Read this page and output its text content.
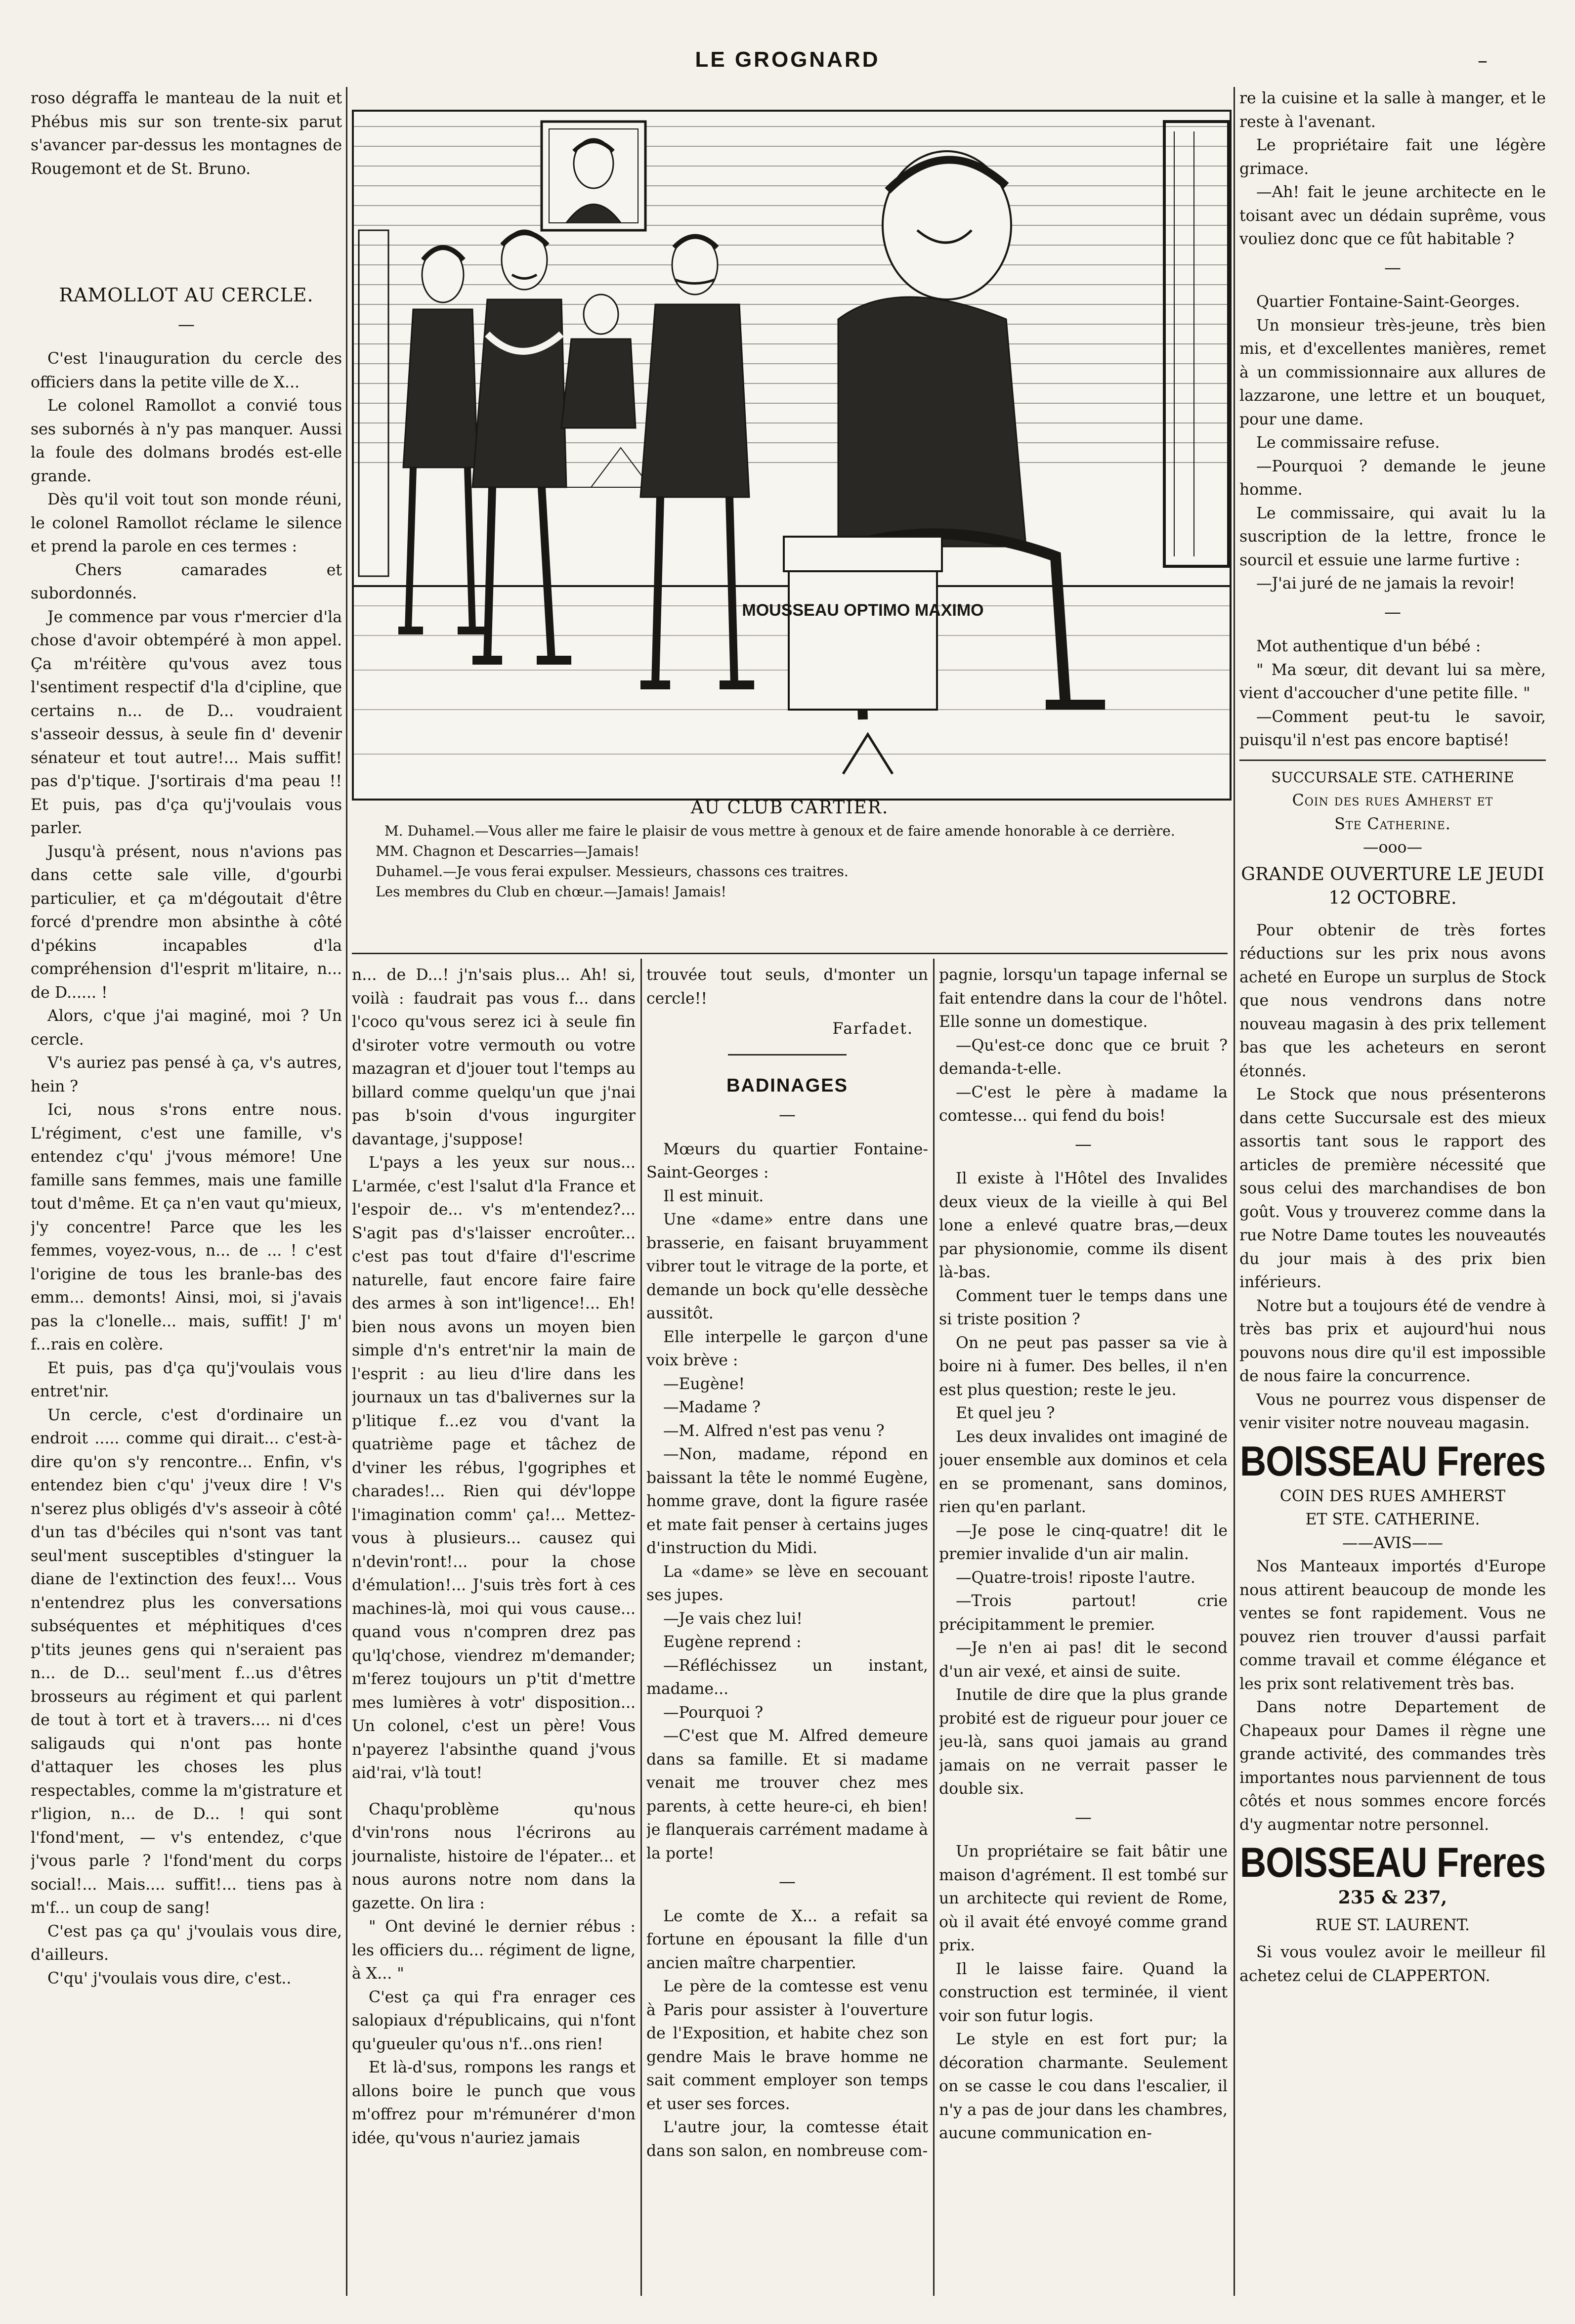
LE GROGNARD	–

roso dégraffa le manteau de la nuit et Phébus mis sur son trente-six parut s'avancer par-dessus les montagnes de Rougemont et de St. Bruno.

RAMOLLOT AU CERCLE.
—

C'est l'inauguration du cercle des officiers dans la petite ville de X...

Le colonel Ramollot a convié tous ses subornés à n'y pas manquer. Aussi la foule des dolmans brodés est-elle grande.

Dès qu'il voit tout son monde réuni, le colonel Ramollot réclame le silence et prend la parole en ces termes :

Chers camarades et subordonnés.

Je commence par vous r'mercier d'la chose d'avoir obtempéré à mon appel. Ça m'réitère qu'vous avez tous l'sentiment respectif d'la d'cipline, que certains n... de D... voudraient s'asseoir dessus, à seule fin d' devenir sénateur et tout autre!... Mais suffit! pas d'p'tique. J'sortirais d'ma peau !! Et puis, pas d'ça qu'j'voulais vous parler.

Jusqu'à présent, nous n'avions pas dans cette sale ville, d'gourbi particulier, et ça m'dégoutait d'être forcé d'prendre mon absinthe à côté d'pékins incapables d'la compréhension d'l'esprit m'litaire, n... de D...... !

Alors, c'que j'ai maginé, moi ? Un cercle.

V's auriez pas pensé à ça, v's autres, hein ?

Ici, nous s'rons entre nous. L'régiment, c'est une famille, v's entendez c'qu' j'vous mémore! Une famille sans femmes, mais une famille tout d'même. Et ça n'en vaut qu'mieux, j'y concentre! Parce que les les femmes, voyez-vous, n... de ... ! c'est l'origine de tous les branle-bas des emm... demonts! Ainsi, moi, si j'avais pas la c'lonelle... mais, suffit! J' m' f...rais en colère.

Et puis, pas d'ça qu'j'voulais vous entret'nir.

Un cercle, c'est d'ordinaire un endroit ..... comme qui dirait... c'est-à-dire qu'on s'y rencontre... Enfin, v's entendez bien c'qu' j'veux dire ! V's n'serez plus obligés d'v's asseoir à côté d'un tas d'béciles qui n'sont vas tant seul'ment susceptibles d'stinguer la diane de l'extinction des feux!... Vous n'entendrez plus les conversations subséquentes et méphitiques d'ces p'tits jeunes gens qui n'seraient pas n... de D... seul'ment f...us d'êtres brosseurs au régiment et qui parlent de tout à tort et à travers.... ni d'ces saligauds qui n'ont pas honte d'attaquer les choses les plus respectables, comme la m'gistrature et r'ligion, n... de D... ! qui sont l'fond'ment, — v's entendez, c'que j'vous parle ? l'fond'ment du corps social!... Mais.... suffit!... tiens pas à m'f... un coup de sang!

C'est pas ça qu' j'voulais vous dire, d'ailleurs.

C'qu' j'voulais vous dire, c'est..

MOUSSEAU OPTIMO MAXIMO
AU CLUB CARTIER.

M. Duhamel.—Vous aller me faire le plaisir de vous mettre à genoux et de faire amende honorable à ce derrière.

MM. Chagnon et Descarries—Jamais!

Duhamel.—Je vous ferai expulser. Messieurs, chassons ces traitres.

Les membres du Club en chœur.—Jamais! Jamais!

n... de D...! j'n'sais plus... Ah! si, voilà : faudrait pas vous f... dans l'coco qu'vous serez ici à seule fin d'siroter votre vermouth ou votre mazagran et d'jouer tout l'temps au billard comme quelqu'un que j'nai pas b'soin d'vous ingurgiter davantage, j'suppose!

L'pays a les yeux sur nous... L'armée, c'est l'salut d'la France et l'espoir de... v's m'entendez?... S'agit pas d's'laisser encroûter... c'est pas tout d'faire d'l'escrime naturelle, faut encore faire faire des armes à son int'ligence!... Eh! bien nous avons un moyen bien simple d'n's entret'nir la main de l'esprit : au lieu d'lire dans les journaux un tas d'balivernes sur la p'litique f...ez vou d'vant la quatrième page et tâchez de d'viner les rébus, l'gogriphes et charades!... Rien qui dév'loppe l'imagination comm' ça!... Mettez-vous à plusieurs... causez qui n'devin'ront!... pour la chose d'émulation!... J'suis très fort à ces machines-là, moi qui vous cause... quand vous n'compren drez pas qu'lq'chose, viendrez m'demander; m'ferez toujours un p'tit d'mettre mes lumières à votr' disposition... Un colonel, c'est un père! Vous n'payerez l'absinthe quand j'vous aid'rai, v'là tout!

Chaqu'problème qu'nous d'vin'rons nous l'écrirons au journaliste, histoire de l'épater... et nous aurons notre nom dans la gazette. On lira :

" Ont deviné le dernier rébus : les officiers du... régiment de ligne, à X... "

C'est ça qui f'ra enrager ces salopiaux d'républicains, qui n'font qu'gueuler qu'ous n'f...ons rien!

Et là-d'sus, rompons les rangs et allons boire le punch que vous m'offrez pour m'rémunérer d'mon idée, qu'vous n'auriez jamais

trouvée tout seuls, d'monter un cercle!!

Farfadet.
BADINAGES
—

Mœurs du quartier Fontaine-Saint-Georges :

Il est minuit.

Une «dame» entre dans une brasserie, en faisant bruyamment vibrer tout le vitrage de la porte, et demande un bock qu'elle dessèche aussitôt.

Elle interpelle le garçon d'une voix brève :

—Eugène!

—Madame ?

—M. Alfred n'est pas venu ?

—Non, madame, répond en baissant la tête le nommé Eugène, homme grave, dont la figure rasée et mate fait penser à certains juges d'instruction du Midi.

La «dame» se lève en secouant ses jupes.

—Je vais chez lui!

Eugène reprend :

—Réfléchissez un instant, madame...

—Pourquoi ?

—C'est que M. Alfred demeure dans sa famille. Et si madame venait me trouver chez mes parents, à cette heure-ci, eh bien! je flanquerais carrément madame à la porte!

—

Le comte de X... a refait sa fortune en épousant la fille d'un ancien maître charpentier.

Le père de la comtesse est venu à Paris pour assister à l'ouverture de l'Exposition, et habite chez son gendre Mais le brave homme ne sait comment employer son temps et user ses forces.

L'autre jour, la comtesse était dans son salon, en nombreuse com-

pagnie, lorsqu'un tapage infernal se fait entendre dans la cour de l'hôtel. Elle sonne un domestique.

—Qu'est-ce donc que ce bruit ? demanda-t-elle.

—C'est le père à madame la comtesse... qui fend du bois!

—

Il existe à l'Hôtel des Invalides deux vieux de la vieille à qui Bel lone a enlevé quatre bras,—deux par physionomie, comme ils disent là-bas.

Comment tuer le temps dans une si triste position ?

On ne peut pas passer sa vie à boire ni à fumer. Des belles, il n'en est plus question; reste le jeu.

Et quel jeu ?

Les deux invalides ont imaginé de jouer ensemble aux dominos et cela en se promenant, sans dominos, rien qu'en parlant.

—Je pose le cinq-quatre! dit le premier invalide d'un air malin.

—Quatre-trois! riposte l'autre.

—Trois partout! crie précipitamment le premier.

—Je n'en ai pas! dit le second d'un air vexé, et ainsi de suite.

Inutile de dire que la plus grande probité est de rigueur pour jouer ce jeu-là, sans quoi jamais au grand jamais on ne verrait passer le double six.

—

Un propriétaire se fait bâtir une maison d'agrément. Il est tombé sur un architecte qui revient de Rome, où il avait été envoyé comme grand prix.

Il le laisse faire. Quand la construction est terminée, il vient voir son futur logis.

Le style en est fort pur; la décoration charmante. Seulement on se casse le cou dans l'escalier, il n'y a pas de jour dans les chambres, aucune communication en-

re la cuisine et la salle à manger, et le reste à l'avenant.

Le propriétaire fait une légère grimace.

—Ah! fait le jeune architecte en le toisant avec un dédain suprême, vous vouliez donc que ce fût habitable ?

—

Quartier Fontaine-Saint-Georges.

Un monsieur très-jeune, très bien mis, et d'excellentes manières, remet à un commissionnaire aux allures de lazzarone, une lettre et un bouquet, pour une dame.

Le commissaire refuse.

—Pourquoi ? demande le jeune homme.

Le commissaire, qui avait lu la suscription de la lettre, fronce le sourcil et essuie une larme furtive :

—J'ai juré de ne jamais la revoir!

—

Mot authentique d'un bébé :

" Ma sœur, dit devant lui sa mère, vient d'accoucher d'une petite fille. "

—Comment peut-tu le savoir, puisqu'il n'est pas encore baptisé!

SUCCURSALE STE. CATHERINE

Coin des rues Amherst et

Ste Catherine.

—ooo—

GRANDE OUVERTURE LE JEUDI 12 OCTOBRE.

Pour obtenir de très fortes réductions sur les prix nous avons acheté en Europe un surplus de Stock que nous vendrons dans notre nouveau magasin à des prix tellement bas que les acheteurs en seront étonnés.

Le Stock que nous présenterons dans cette Succursale est des mieux assortis tant sous le rapport des articles de première nécessité que sous celui des marchandises de bon goût. Vous y trouverez comme dans la rue Notre Dame toutes les nouveautés du jour mais à des prix bien inférieurs.

Notre but a toujours été de vendre à très bas prix et aujourd'hui nous pouvons nous dire qu'il est impossible de nous faire la concurrence.

Vous ne pourrez vous dispenser de venir visiter notre nouveau magasin.

BOISSEAU Freres

COIN DES RUES AMHERST

ET STE. CATHERINE.

——AVIS——

Nos Manteaux importés d'Europe nous attirent beaucoup de monde les ventes se font rapidement. Vous ne pouvez rien trouver d'aussi parfait comme travail et comme élégance et les prix sont relativement très bas.

Dans notre Departement de Chapeaux pour Dames il règne une grande activité, des commandes très importantes nous parviennent de tous côtés et nous sommes encore forcés d'y augmentar notre personnel.

BOISSEAU Freres

235 & 237,

RUE ST. LAURENT.

Si vous voulez avoir le meilleur fil achetez celui de CLAPPERTON.
